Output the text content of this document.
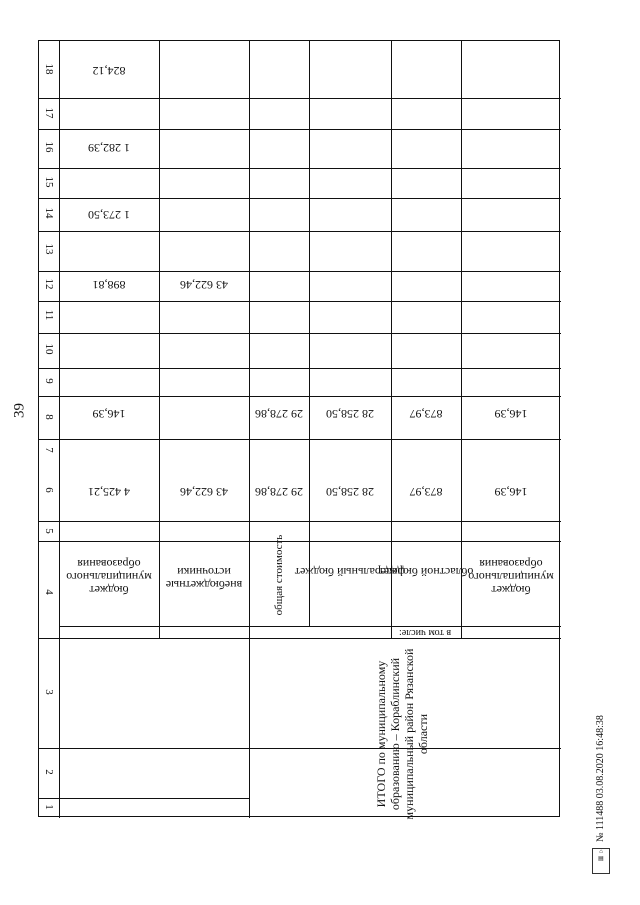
39
18
17
16
15
14
13
12
11
10
9
8
7
6
5
4
3
2
1
824,12
1 282,39
1 273,50
898,81
146,39
4 425,21
бюджет муниципального образования
43 622,46
43 622,46
внебюджетные источники
29 278,86
29 278,86
общая стоимость
28 258,50
28 258,50
федеральный бюджет
873,97
873,97
областной бюджет
146,39
146,39
бюджет муниципального образования
в том числе:
ИТОГО по муниципальному образованию – Кораблинский муниципальный район Рязанской области	№ 111488 03.08.2020 16:48:38
⌂
▤
